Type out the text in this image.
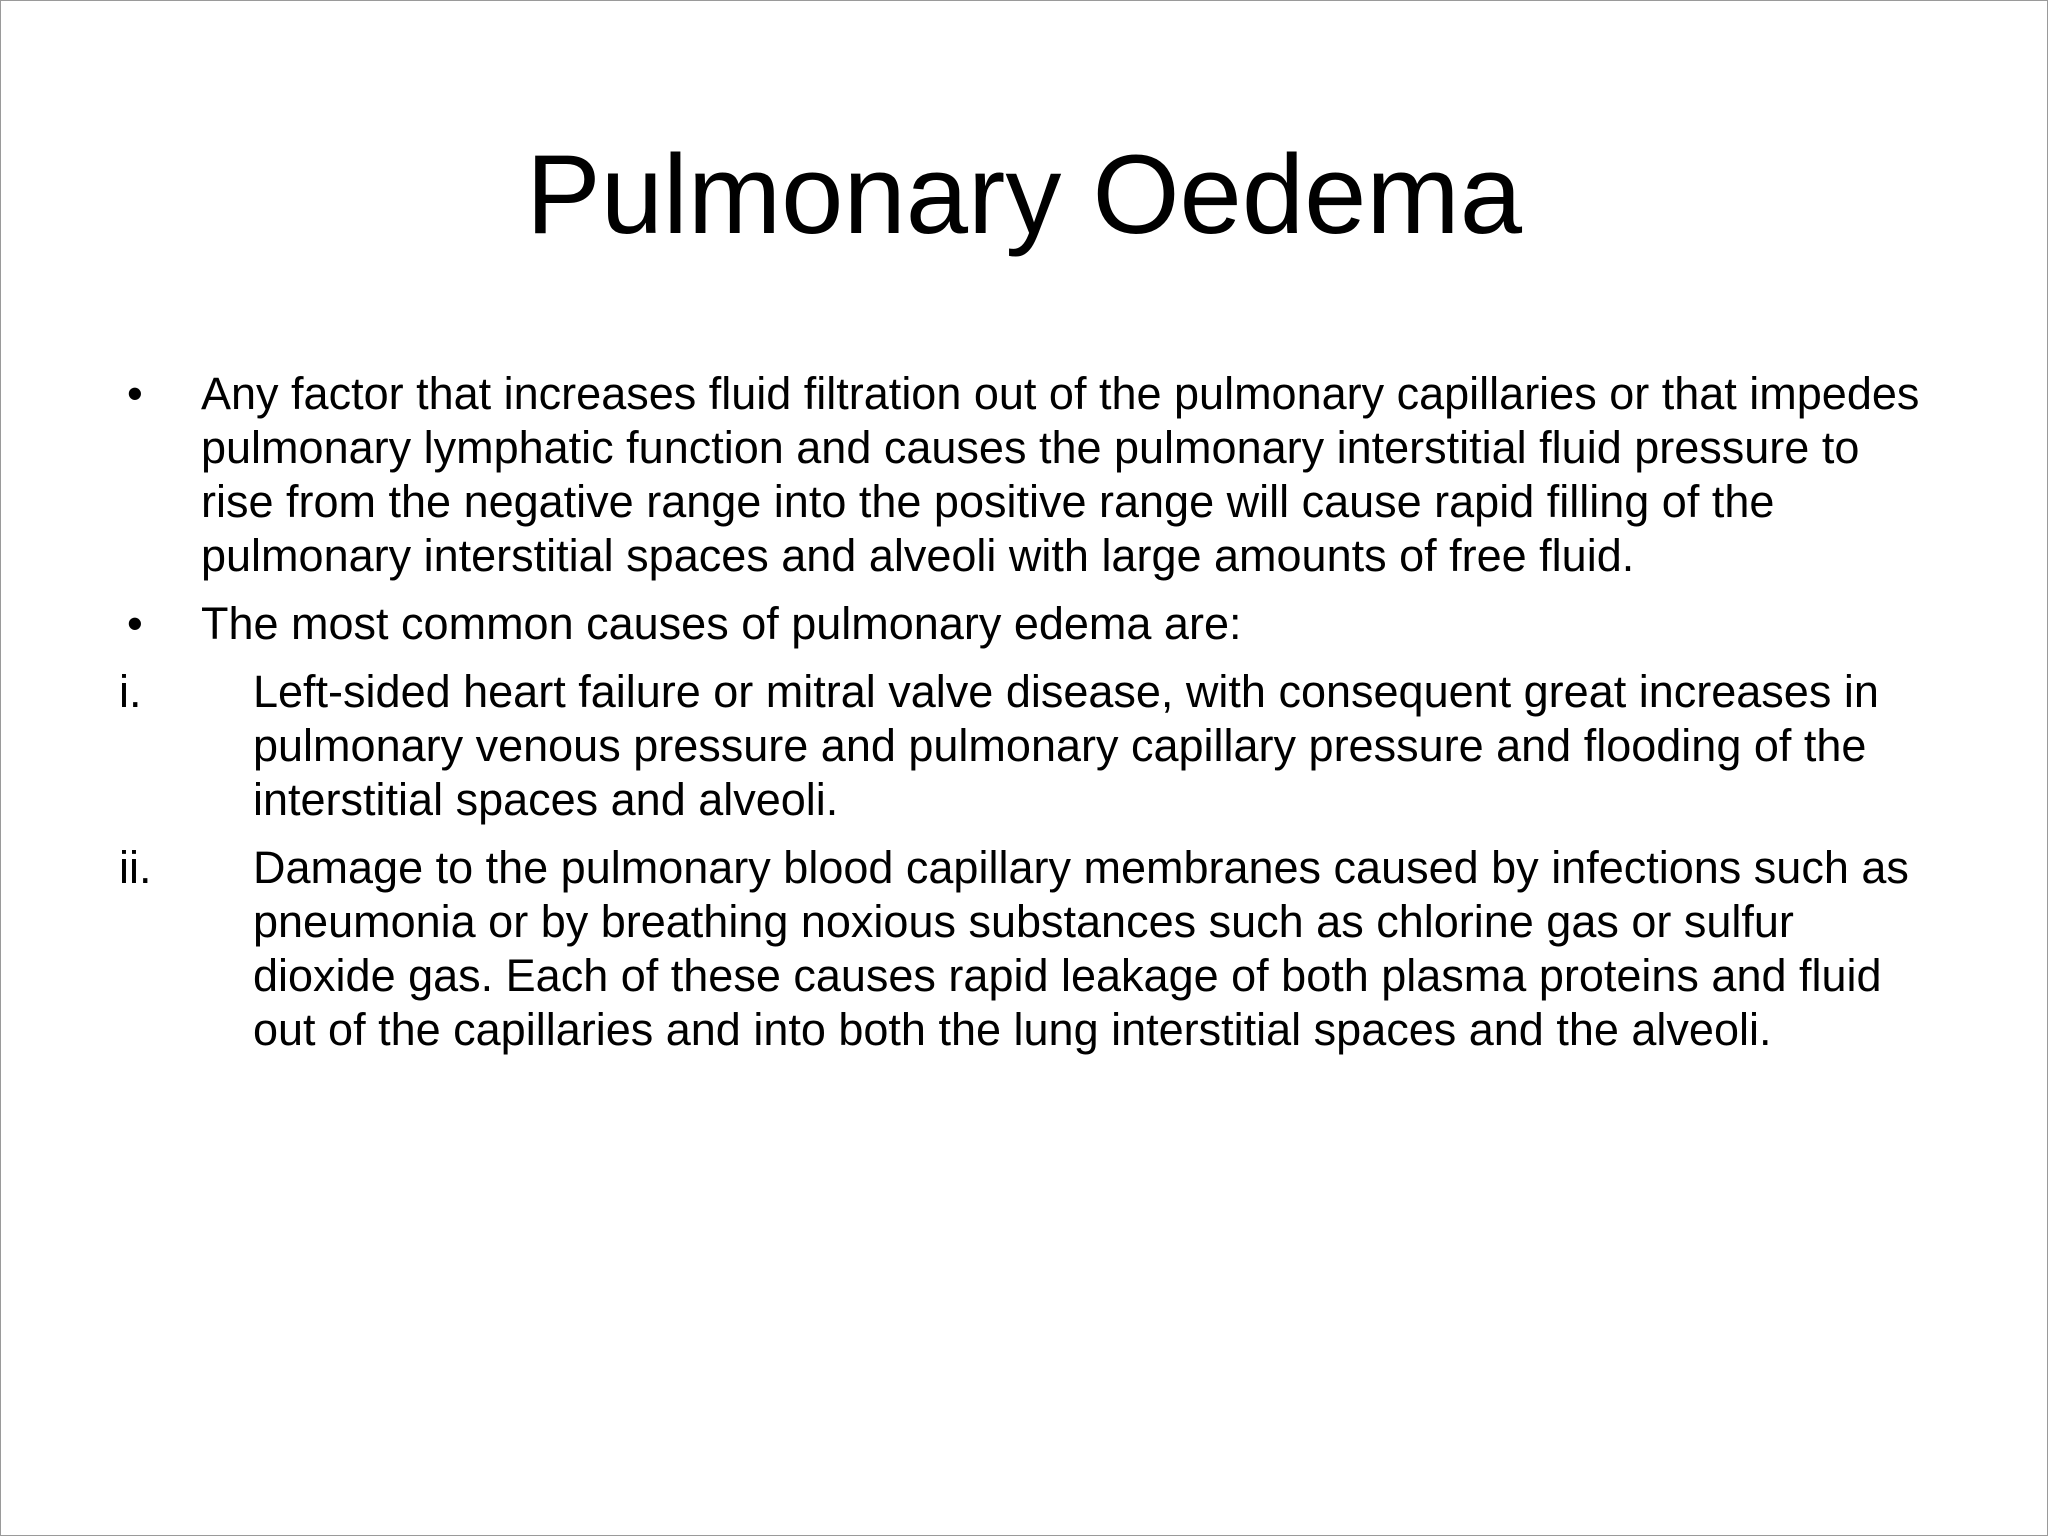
Pulmonary Oedema
• Any factor that increases fluid filtration out of the pulmonary capillaries or that impedes pulmonary lymphatic function and causes the pulmonary interstitial fluid pressure to rise from the negative range into the positive range will cause rapid filling of the pulmonary interstitial spaces and alveoli with large amounts of free fluid.
• The most common causes of pulmonary edema are:
i. Left-sided heart failure or mitral valve disease, with consequent great increases in pulmonary venous pressure and pulmonary capillary pressure and flooding of the interstitial spaces and alveoli.
ii. Damage to the pulmonary blood capillary membranes caused by infections such as pneumonia or by breathing noxious substances such as chlorine gas or sulfur dioxide gas. Each of these causes rapid leakage of both plasma proteins and fluid out of the capillaries and into both the lung interstitial spaces and the alveoli.
